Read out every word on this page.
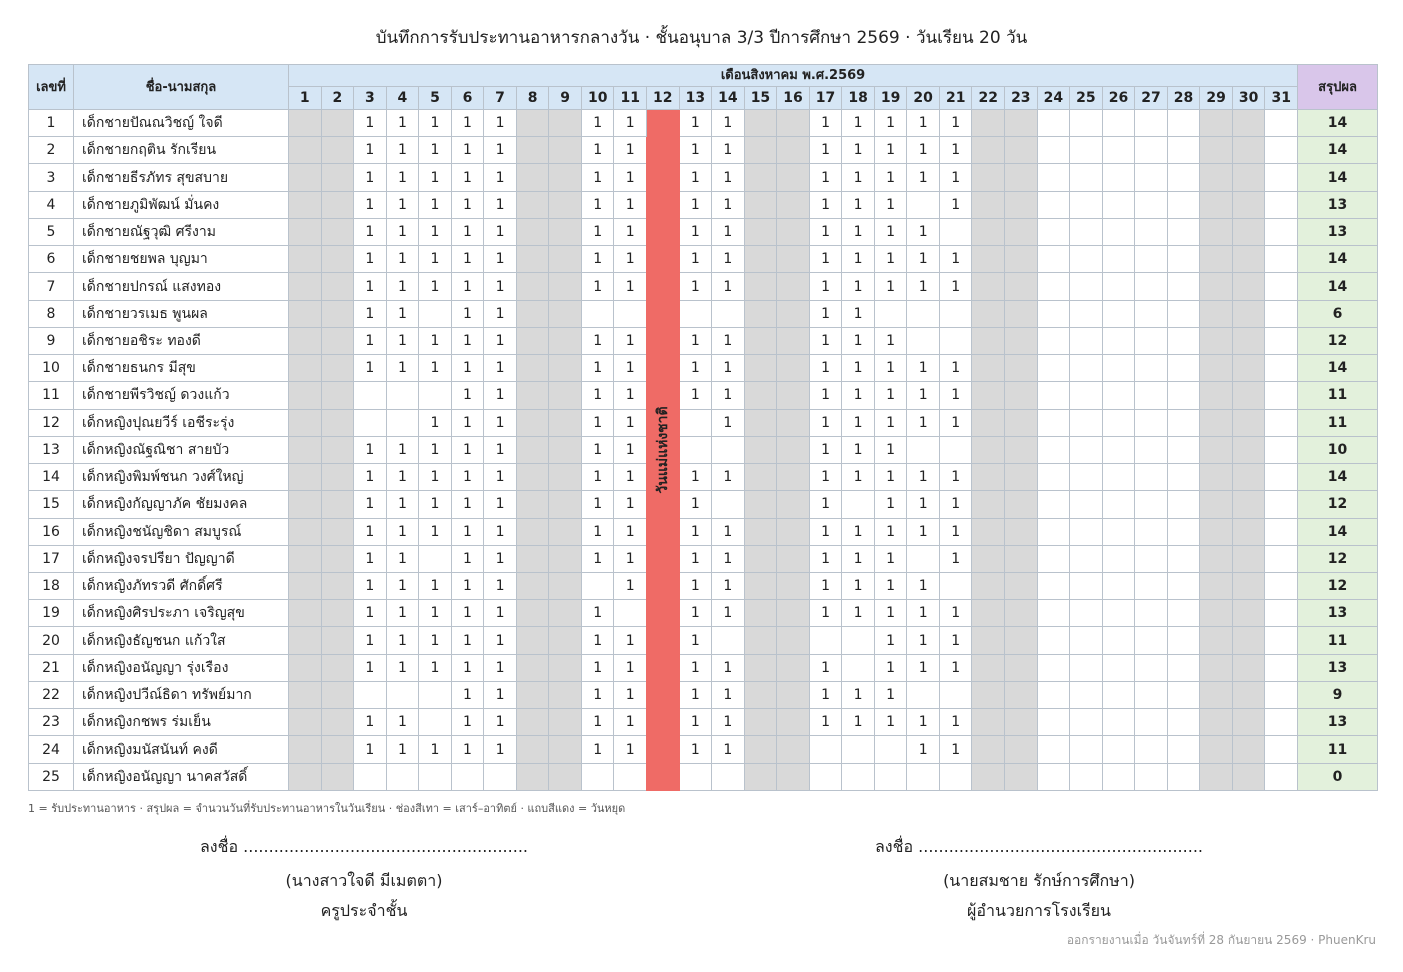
บันทึกการรับประทานอาหารกลางวัน · ชั้นอนุบาล 3/3 ปีการศึกษา 2569 · วันเรียน 20 วัน
เลขที่	ชื่อ-นามสกุล	เดือนสิงหาคม พ.ศ.2569																															สรุปผล
		1	2	3	4	5	6	7	8	9	10	11	12	13	14	15	16	17	18	19	20	21	22	23	24	25	26	27	28	29	30	31	
1	เด็กชายปัณณวิชญ์ ใจดี			1	1	1	1	1			1	1	วันแม่แห่งชาติ	1	1			1	1	1	1	1											14
2	เด็กชายกฤติน รักเรียน			1	1	1	1	1			1	1		1	1			1	1	1	1	1											14
3	เด็กชายธีรภัทร สุขสบาย			1	1	1	1	1			1	1		1	1			1	1	1	1	1											14
4	เด็กชายภูมิพัฒน์ มั่นคง			1	1	1	1	1			1	1		1	1			1	1	1		1											13
5	เด็กชายณัฐวุฒิ ศรีงาม			1	1	1	1	1			1	1		1	1			1	1	1	1												13
6	เด็กชายชยพล บุญมา			1	1	1	1	1			1	1		1	1			1	1	1	1	1											14
7	เด็กชายปกรณ์ แสงทอง			1	1	1	1	1			1	1		1	1			1	1	1	1	1											14
8	เด็กชายวรเมธ พูนผล			1	1		1	1										1	1														6
9	เด็กชายอชิระ ทองดี			1	1	1	1	1			1	1		1	1			1	1	1													12
10	เด็กชายธนกร มีสุข			1	1	1	1	1			1	1		1	1			1	1	1	1	1											14
11	เด็กชายพีรวิชญ์ ดวงแก้ว						1	1			1	1		1	1			1	1	1	1	1											11
12	เด็กหญิงปุณยวีร์ เอชีระรุ่ง					1	1	1			1	1			1			1	1	1	1	1											11
13	เด็กหญิงณัฐณิชา สายบัว			1	1	1	1	1			1	1						1	1	1													10
14	เด็กหญิงพิมพ์ชนก วงศ์ใหญ่			1	1	1	1	1			1	1		1	1			1	1	1	1	1											14
15	เด็กหญิงกัญญาภัค ชัยมงคล			1	1	1	1	1			1	1		1				1		1	1	1											12
16	เด็กหญิงชนัญชิดา สมบูรณ์			1	1	1	1	1			1	1		1	1			1	1	1	1	1											14
17	เด็กหญิงจรปรียา ปัญญาดี			1	1		1	1			1	1		1	1			1	1	1		1											12
18	เด็กหญิงภัทรวดี ศักดิ์ศรี			1	1	1	1	1				1		1	1			1	1	1	1												12
19	เด็กหญิงศิรประภา เจริญสุข			1	1	1	1	1			1			1	1			1	1	1	1	1											13
20	เด็กหญิงธัญชนก แก้วใส			1	1	1	1	1			1	1		1						1	1	1											11
21	เด็กหญิงอนัญญา รุ่งเรือง			1	1	1	1	1			1	1		1	1			1		1	1	1											13
22	เด็กหญิงปวีณ์ธิดา ทรัพย์มาก						1	1			1	1		1	1			1	1	1													9
23	เด็กหญิงกชพร ร่มเย็น			1	1		1	1			1	1		1	1			1	1	1	1	1											13
24	เด็กหญิงมนัสนันท์ คงดี			1	1	1	1	1			1	1		1	1						1	1											11
25	เด็กหญิงอนัญญา นาคสวัสดิ์																																0
1 = รับประทานอาหาร · สรุปผล = จำนวนวันที่รับประทานอาหารในวันเรียน · ช่องสีเทา = เสาร์–อาทิตย์ · แถบสีแดง = วันหยุด
ลงชื่อ ........................................................
(นางสาวใจดี มีเมตตา)
ครูประจำชั้น
ลงชื่อ ........................................................
(นายสมชาย รักษ์การศึกษา)
ผู้อำนวยการโรงเรียน
ออกรายงานเมื่อ วันจันทร์ที่ 28 กันยายน 2569 · PhuenKru
